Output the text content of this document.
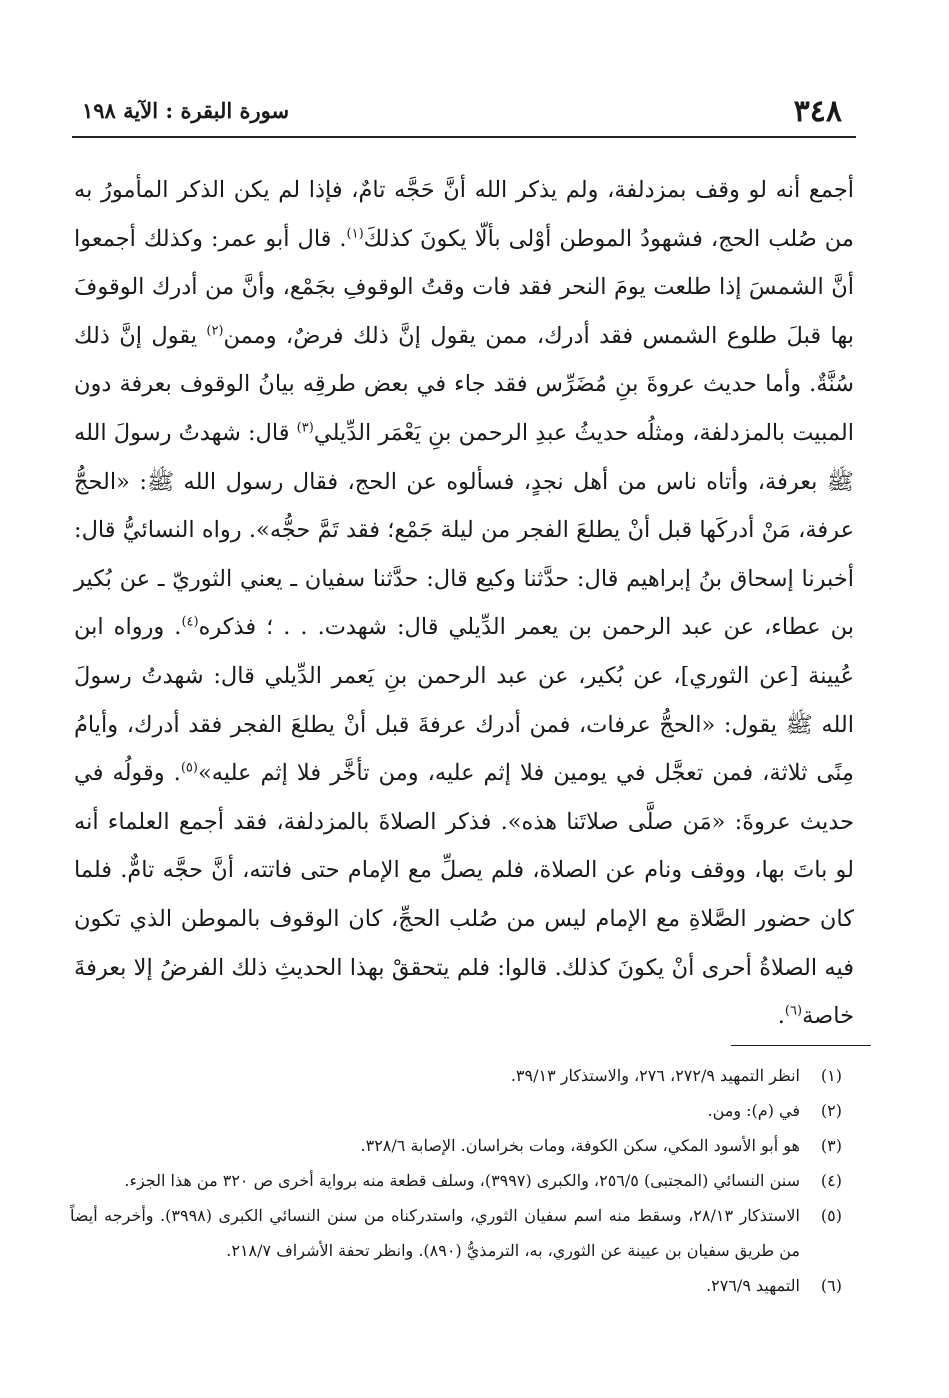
٣٤٨
سورة البقرة : الآية ١٩٨

أجمع أنه لو وقف بمزدلفة، ولم يذكر الله أنَّ حَجَّه تامٌ، فإذا لم يكن الذكر المأمورُ به من صُلب الحج، فشهودُ الموطن أوْلى بألّا يكونَ كذلكَ$^{(١)}$. قال أبو عمر: وكذلك أجمعوا أنَّ الشمسَ إذا طلعت يومَ النحر فقد فات وقتُ الوقوفِ بجَمْع، وأنَّ من أدرك الوقوفَ بها قبلَ طلوع الشمس فقد أدرك، ممن يقول إنَّ ذلك فرضٌ، وممن$^{(٢)}$ يقول إنَّ ذلك سُنَّةٌ. وأما حديث عروةَ بنِ مُضَرِّس فقد جاء في بعض طرقِه بيانُ الوقوف بعرفة دون المبيت بالمزدلفة، ومثلُه حديثُ عبدِ الرحمن بنِ يَعْمَر الدِّيلي$^{(٣)}$ قال: شهدتُ رسولَ الله ﷺ بعرفة، وأتاه ناس من أهل نجدٍ، فسألوه عن الحج، فقال رسول الله ﷺ: «الحجُّ عرفة، مَنْ أدركَها قبل أنْ يطلعَ الفجر من ليلة جَمْع؛ فقد تَمَّ حجُّه». رواه النسائيُّ قال: أخبرنا إسحاق بنُ إبراهيم قال: حدَّثنا وكيع قال: حدَّثنا سفيان ـ يعني الثوريّ ـ عن بُكير بن عطاء، عن عبد الرحمن بن يعمر الدِّيلي قال: شهدت. . . ؛ فذكره$^{(٤)}$. ورواه ابن عُيينة [عن الثوري]، عن بُكير، عن عبد الرحمن بنِ يَعمر الدِّيلي قال: شهدتُ رسولَ الله ﷺ يقول: «الحجُّ عرفات، فمن أدرك عرفةَ قبل أنْ يطلعَ الفجر فقد أدرك، وأيامُ مِنًى ثلاثة، فمن تعجَّل في يومين فلا إثم عليه، ومن تأخَّر فلا إثم عليه»$^{(٥)}$. وقولُه في حديث عروةَ: «مَن صلَّى صلاتَنا هذه». فذكر الصلاةَ بالمزدلفة، فقد أجمع العلماء أنه لو باتَ بها، ووقف ونام عن الصلاة، فلم يصلِّ مع الإمام حتى فاتته، أنَّ حجَّه تامٌّ. فلما كان حضور الصَّلاةِ مع الإمام ليس من صُلب الحجِّ، كان الوقوف بالموطن الذي تكون فيه الصلاةُ أحرى أنْ يكونَ كذلك. قالوا: فلم يتحققْ بهذا الحديثِ ذلك الفرضُ إلا بعرفةَ خاصة$^{(٦)}$.

(١)
انظر التمهيد ٢٧٢/٩، ٢٧٦، والاستذكار ٣٩/١٣.
(٢)
في (م): ومن.
(٣)
هو أبو الأسود المكي، سكن الكوفة، ومات بخراسان. الإصابة ٣٢٨/٦.
(٤)
سنن النسائي (المجتبى) ٢٥٦/٥، والكبرى (٣٩٩٧)، وسلف قطعة منه برواية أخرى ص ٣٢٠ من هذا الجزء.
(٥)
الاستذكار ٢٨/١٣، وسقط منه اسم سفيان الثوري، واستدركناه من سنن النسائي الكبرى (٣٩٩٨). وأخرجه أيضاً من طريق سفيان بن عيينة عن الثوري، به، الترمذيُّ (٨٩٠). وانظر تحفة الأشراف ٢١٨/٧.
(٦)
التمهيد ٢٧٦/٩.
